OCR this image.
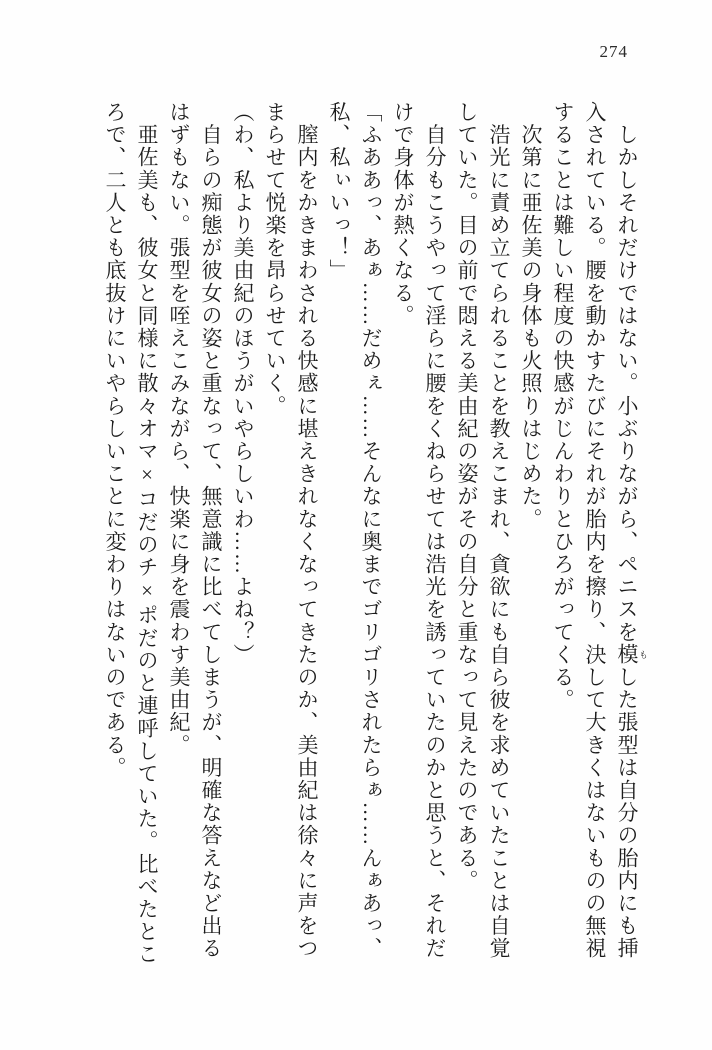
274
　しかしそれだけではない。小ぶりながら、ペニスを模 もした張型は自分の胎内にも挿
入されている。腰を動かすたびにそれが胎内を擦り、決して大きくはないものの無視
することは難しい程度の快感がじんわりとひろがってくる。
　次第に亜佐美の身体も火照りはじめた。
　浩光に責め立てられることを教えこまれ、貪欲にも自ら彼を求めていたことは自覚
していた。目の前で悶える美由紀の姿がその自分と重なって見えたのである。
　自分もこうやって淫らに腰をくねらせては浩光を誘っていたのかと思うと、それだ
けで身体が熱くなる。
「ふああっ、あぁ……だめぇ……そんなに奥までゴリゴリされたらぁ……んぁあっ、
私、私ぃいっ！」
　膣内をかきまわされる快感に堪えきれなくなってきたのか、美由紀は徐々に声をつ
まらせて悦楽を昂らせていく。
（わ、私より美由紀のほうがいやらしいわ……よね？）
　自らの痴態が彼女の姿と重なって、無意識に比べてしまうが、明確な答えなど出る
はずもない。張型を咥えこみながら、快楽に身を震わす美由紀。
　亜佐美も、彼女と同様に散々オマ×コだのチ×ポだのと連呼していた。比べたとこ
ろで、二人とも底抜けにいやらしいことに変わりはないのである。
